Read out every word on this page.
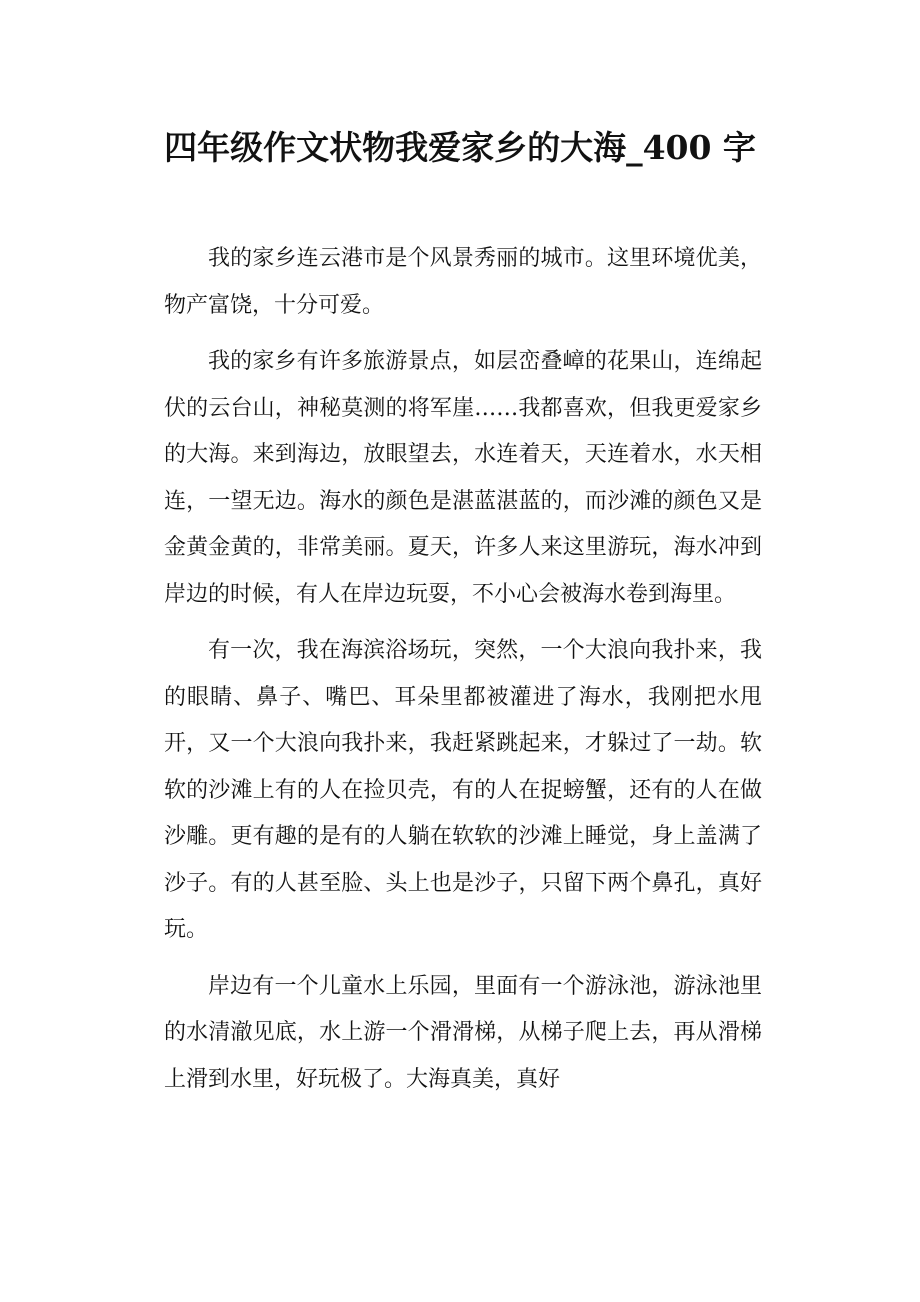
四年级作文状物我爱家乡的大海_400 字

我的家乡连云港市是个风景秀丽的城市。这里环境优美，物产富饶，十分可爱。

我的家乡有许多旅游景点，如层峦叠嶂的花果山，连绵起伏的云台山，神秘莫测的将军崖……我都喜欢，但我更爱家乡的大海。来到海边，放眼望去，水连着天，天连着水，水天相连，一望无边。海水的颜色是湛蓝湛蓝的，而沙滩的颜色又是金黄金黄的，非常美丽。夏天，许多人来这里游玩，海水冲到岸边的时候，有人在岸边玩耍，不小心会被海水卷到海里。

有一次，我在海滨浴场玩，突然，一个大浪向我扑来，我的眼睛、鼻子、嘴巴、耳朵里都被灌进了海水，我刚把水甩开，又一个大浪向我扑来，我赶紧跳起来，才躲过了一劫。软软的沙滩上有的人在捡贝壳，有的人在捉螃蟹，还有的人在做沙雕。更有趣的是有的人躺在软软的沙滩上睡觉，身上盖满了沙子。有的人甚至脸、头上也是沙子，只留下两个鼻孔，真好玩。

岸边有一个儿童水上乐园，里面有一个游泳池，游泳池里的水清澈见底，水上游一个滑滑梯，从梯子爬上去，再从滑梯上滑到水里，好玩极了。大海真美，真好
